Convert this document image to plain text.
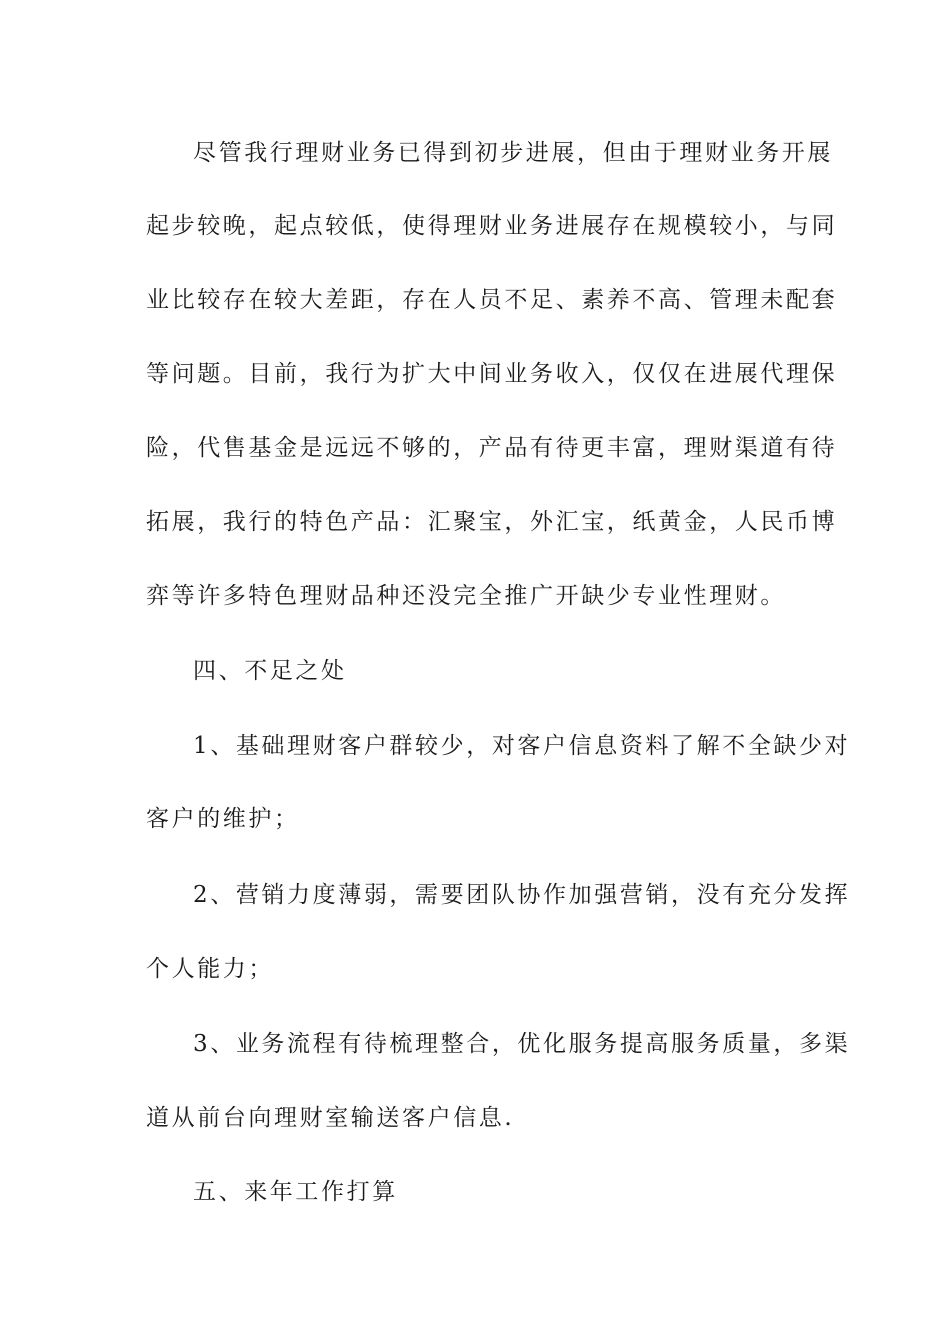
尽管我行理财业务已得到初步进展，但由于理财业务开展
起步较晚，起点较低，使得理财业务进展存在规模较小，与同
业比较存在较大差距，存在人员不足、素养不高、管理未配套
等问题。目前，我行为扩大中间业务收入，仅仅在进展代理保
险，代售基金是远远不够的，产品有待更丰富，理财渠道有待
拓展，我行的特色产品：汇聚宝，外汇宝，纸黄金，人民币博
弈等许多特色理财品种还没完全推广开缺少专业性理财。
四、不足之处
1、基础理财客户群较少，对客户信息资料了解不全缺少对
客户的维护；
2、营销力度薄弱，需要团队协作加强营销，没有充分发挥
个人能力；
3、业务流程有待梳理整合，优化服务提高服务质量，多渠
道从前台向理财室输送客户信息.
五、来年工作打算
